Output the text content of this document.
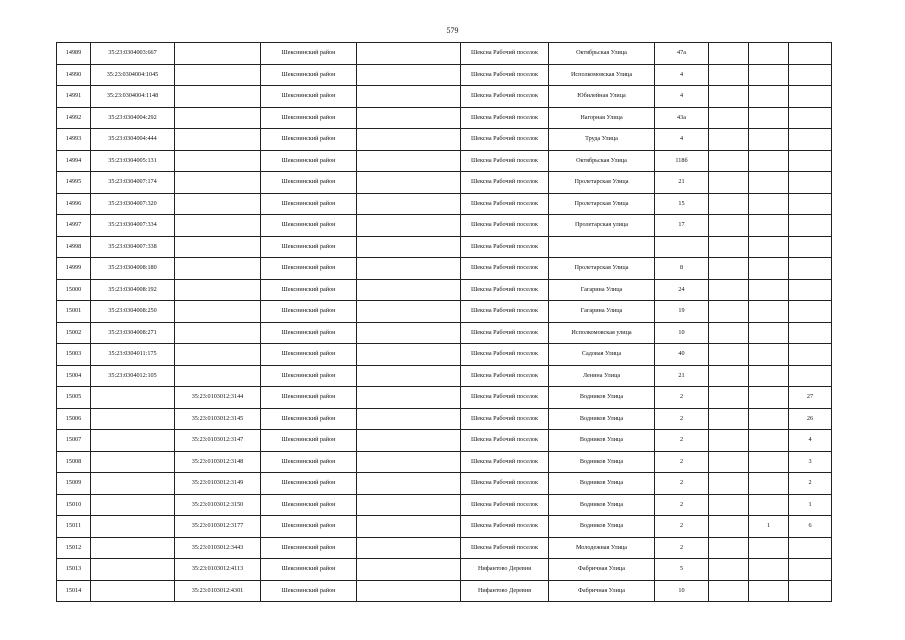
579
14989	35:23:0304003:667		Шекснинский район		Шексна Рабочий поселок	Октябрьская Улица	47а			
14990	35:23:0304004:1045		Шекснинский район		Шексна Рабочий поселок	Исполкомовская Улица	4			
14991	35:23:0304004:1148		Шекснинский район		Шексна Рабочий поселок	Юбилейная Улица	4			
14992	35:23:0304004:292		Шекснинский район		Шексна Рабочий поселок	Нагорная Улица	43а			
14993	35:23:0304004:444		Шекснинский район		Шексна Рабочий поселок	Труда Улица	4			
14994	35:23:0304005:131		Шекснинский район		Шексна Рабочий поселок	Октябрьская Улица	118б			
14995	35:23:0304007:174		Шекснинский район		Шексна Рабочий поселок	Пролетарская Улица	21			
14996	35:23:0304007:320		Шекснинский район		Шексна Рабочий поселок	Пролетарская Улица	15			
14997	35:23:0304007:334		Шекснинский район		Шексна Рабочий поселок	Пролетарская улица	17			
14998	35:23:0304007:338		Шекснинский район		Шексна Рабочий поселок					
14999	35:23:0304008:180		Шекснинский район		Шексна Рабочий поселок	Пролетарская Улица	8			
15000	35:23:0304008:192		Шекснинский район		Шексна Рабочий поселок	Гагарина Улица	24			
15001	35:23:0304008:250		Шекснинский район		Шексна Рабочий поселок	Гагарина Улица	19			
15002	35:23:0304008:271		Шекснинский район		Шексна Рабочий поселок	Исполкомовская улица	10			
15003	35:23:0304011:175		Шекснинский район		Шексна Рабочий поселок	Садовая Улица	40			
15004	35:23:0304012:105		Шекснинский район		Шексна Рабочий поселок	Ленина Улица	21			
15005		35:23:0103012:3144	Шекснинский район		Шексна Рабочий поселок	Водников Улица	2			27
15006		35:23:0103012:3145	Шекснинский район		Шексна Рабочий поселок	Водников Улица	2			26
15007		35:23:0103012:3147	Шекснинский район		Шексна Рабочий поселок	Водников Улица	2			4
15008		35:23:0103012:3148	Шекснинский район		Шексна Рабочий поселок	Водников Улица	2			3
15009		35:23:0103012:3149	Шекснинский район		Шексна Рабочий поселок	Водников Улица	2			2
15010		35:23:0103012:3150	Шекснинский район		Шексна Рабочий поселок	Водников Улица	2			1
15011		35:23:0103012:3177	Шекснинский район		Шексна Рабочий поселок	Водников Улица	2		1	6
15012		35:23:0103012:3443	Шекснинский район		Шексна Рабочий поселок	Молодежная Улица	2			
15013		35:23:0103012:4113	Шекснинский район		Нифантово Деревня	Фабричная Улица	5			
15014		35:23:0103012:4301	Шекснинский район		Нифантово Деревня	Фабричная Улица	10			
